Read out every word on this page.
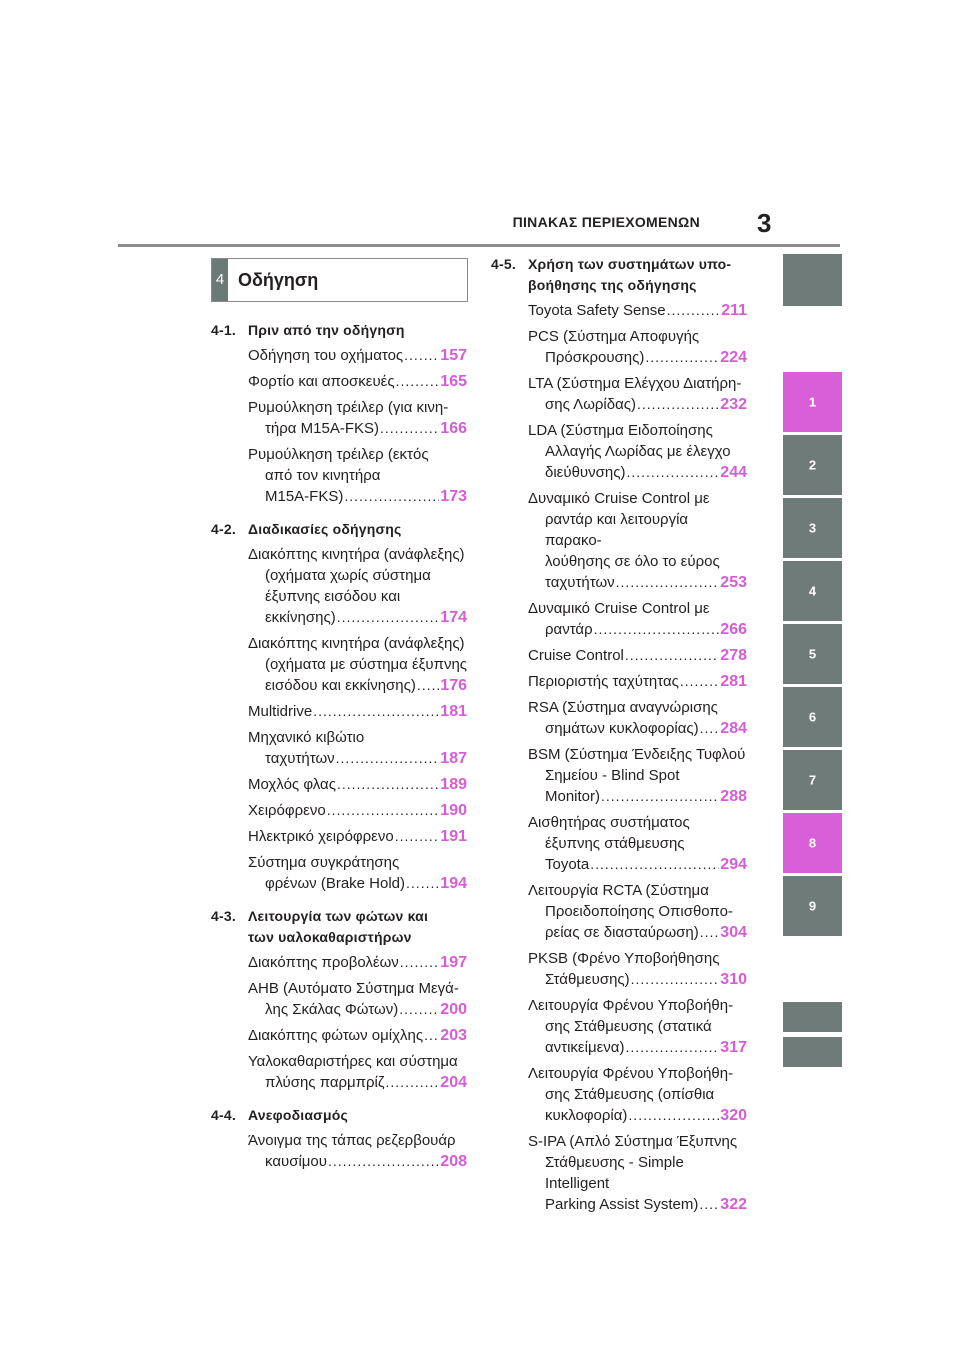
ΠΙΝΑΚΑΣ ΠΕΡΙΕΧΟΜΕΝΩΝ 3
4 Οδήγηση
4-1. Πριν από την οδήγηση
Οδήγηση του οχήματος ..... 157
Φορτίο και αποσκευές .....	165
Ρυμούλκηση τρέιλερ (για κινη-
τήρα M15A-FKS) .....	166
Ρυμούλκηση τρέιλερ (εκτός
από τον κινητήρα
M15A-FKS) .....	173
4-2. Διαδικασίες οδήγησης
Διακόπτης κινητήρα (ανάφλεξης)
(οχήματα χωρίς σύστημα
έξυπνης εισόδου και
εκκίνησης) .....	174
Διακόπτης κινητήρα (ανάφλεξης)
(οχήματα με σύστημα έξυπνης
εισόδου και εκκίνησης) ..... 176
Multidrive .....	181
Μηχανικό κιβώτιο
ταχυτήτων .....	187
Μοχλός φλας .....	189
Χειρόφρενο .....	190
Ηλεκτρικό χειρόφρενο .....	191
Σύστημα συγκράτησης
φρένων (Brake Hold) ..... 194
4-3. Λειτουργία των φώτων και
των υαλοκαθαριστήρων
Διακόπτης προβολέων .....	197
AHB (Αυτόματο Σύστημα Μεγά-
λης Σκάλας Φώτων) .....	200
Διακόπτης φώτων ομίχλης ..... 203
Υαλοκαθαριστήρες και σύστημα
πλύσης παρμπρίζ .....	204
4-4. Ανεφοδιασμός
Άνοιγμα της τάπας ρεζερβουάρ
καυσίμου .....	208
4-5. Χρήση των συστημάτων υπο-
βοήθησης της οδήγησης
Toyota Safety Sense .....	211
PCS (Σύστημα Αποφυγής
Πρόσκρουσης) .....	224
LTA (Σύστημα Ελέγχου Διατήρη-
σης Λωρίδας) .....	232
LDA (Σύστημα Ειδοποίησης
Αλλαγής Λωρίδας με έλεγχο
διεύθυνσης) .....	244
Δυναμικό Cruise Control με
ραντάρ και λειτουργία παρακο-
λούθησης σε όλο το εύρος
ταχυτήτων .....	253
Δυναμικό Cruise Control με
ραντάρ .....	266
Cruise Control .....	278
Περιοριστής ταχύτητας .....	281
RSA (Σύστημα αναγνώρισης
σημάτων κυκλοφορίας) ..... 284
BSM (Σύστημα Ένδειξης Τυφλού
Σημείου - Blind Spot
Monitor) .....	288
Αισθητήρας συστήματος
έξυπνης στάθμευσης
Toyota .....	294
Λειτουργία RCTA (Σύστημα
Προειδοποίησης Οπισθοπο-
ρείας σε διασταύρωση) ..... 304
PKSB (Φρένο Υποβοήθησης
Στάθμευσης) .....	310
Λειτουργία Φρένου Υποβοήθη-
σης Στάθμευσης (στατικά
αντικείμενα) .....	317
Λειτουργία Φρένου Υποβοήθη-
σης Στάθμευσης (οπίσθια
κυκλοφορία) .....	320
S-IPA (Απλό Σύστημα Έξυπνης
Στάθμευσης - Simple Intelligent
Parking Assist System) ..... 322
1
2
3
4
5
6
7
8
9
